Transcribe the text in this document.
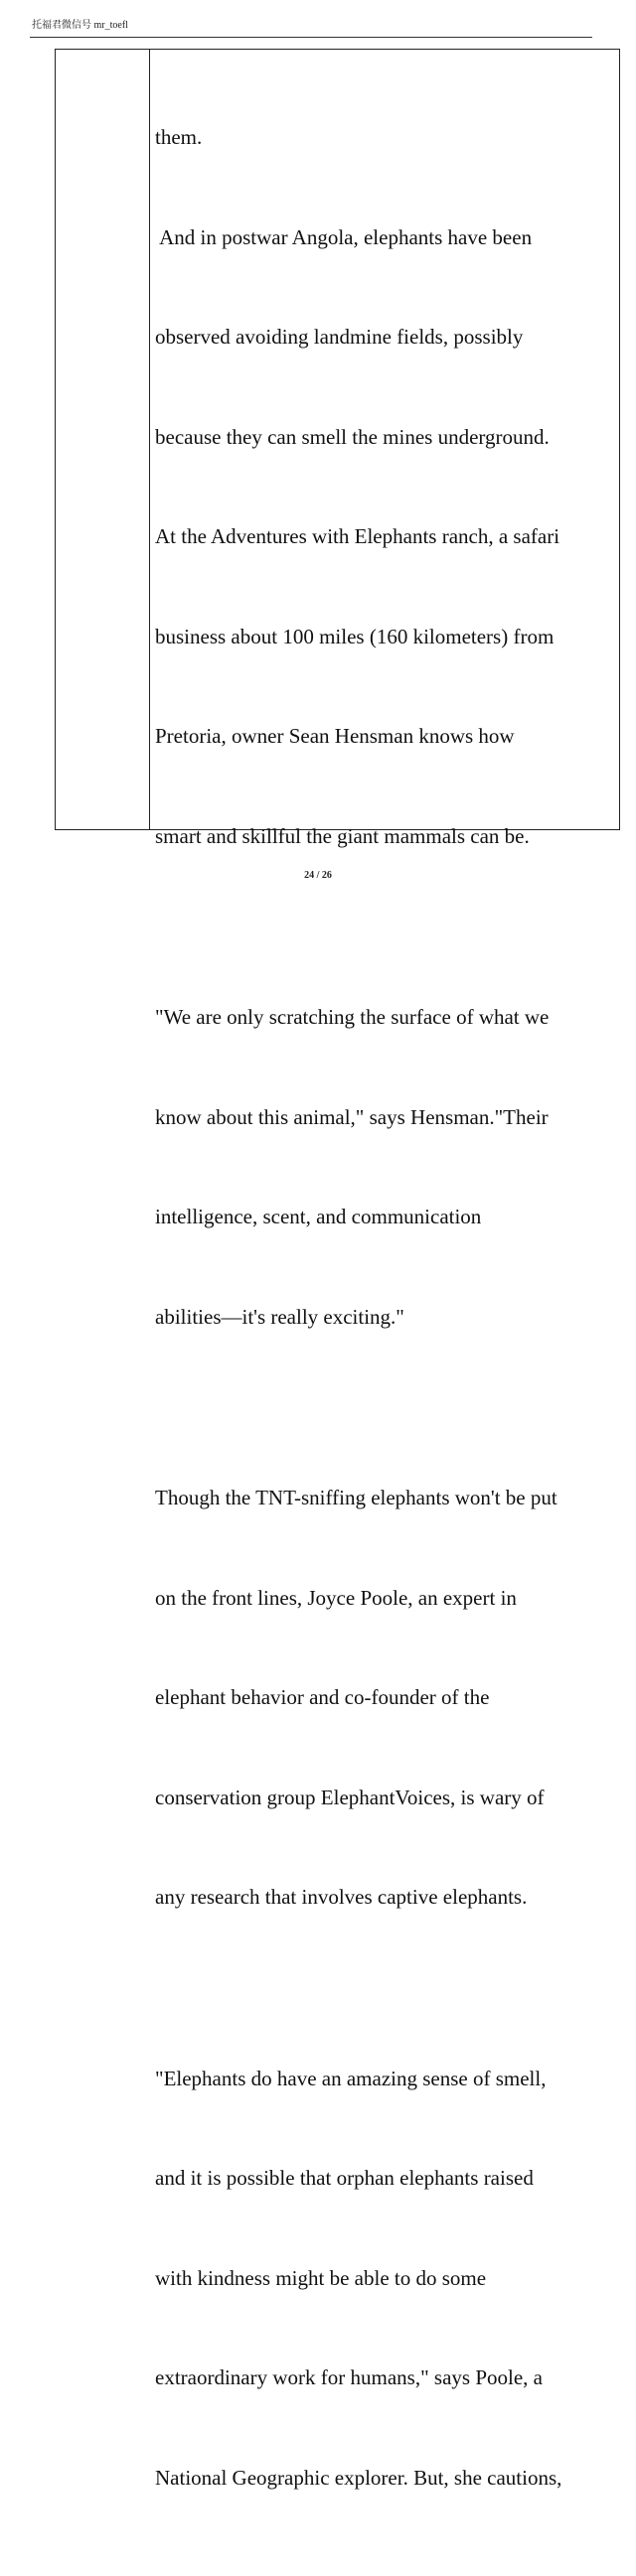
托福君微信号 mr_toefl

them.

And in postwar Angola, elephants have been

observed avoiding landmine fields, possibly

because they can smell the mines underground.

At the Adventures with Elephants ranch, a safari

business about 100 miles (160 kilometers) from

Pretoria, owner Sean Hensman knows how

smart and skillful the giant mammals can be.

"We are only scratching the surface of what we

know about this animal," says Hensman."Their

intelligence, scent, and communication

abilities—it's really exciting."

Though the TNT-sniffing elephants won't be put

on the front lines, Joyce Poole, an expert in

elephant behavior and co-founder of the

conservation group ElephantVoices, is wary of

any research that involves captive elephants.

"Elephants do have an amazing sense of smell,

and it is possible that orphan elephants raised

with kindness might be able to do some

extraordinary work for humans," says Poole, a

National Geographic explorer. But, she cautions,

24 / 26
